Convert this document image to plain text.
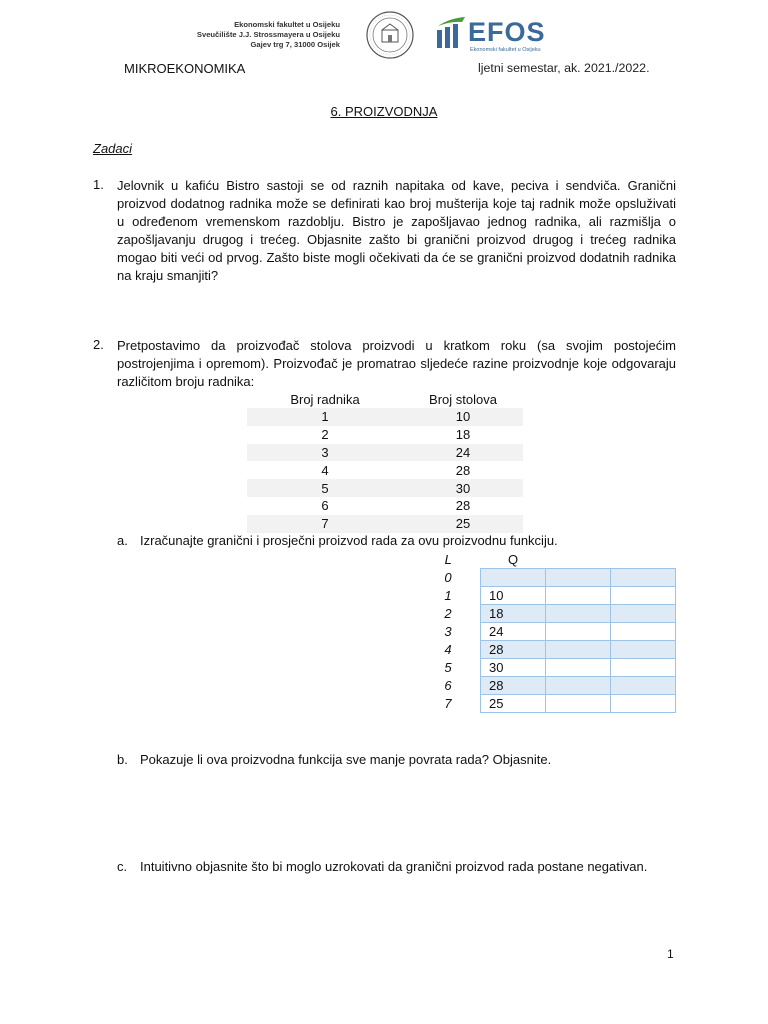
Ekonomski fakultet u Osijeku
Sveučilište J.J. Strossmayera u Osijeku
Gajev trg 7, 31000 Osijek	EFOS
Ekonomski fakultet u Osijeku
MIKROEKONOMIKA	ljetni semestar, ak. 2021./2022.
6. PROIZVODNJA
Zadaci
1. Jelovnik u kafiću Bistro sastoji se od raznih napitaka od kave, peciva i sendviča. Granični proizvod dodatnog radnika može se definirati kao broj mušterija koje taj radnik može opsluživati u određenom vremenskom razdoblju. Bistro je zapošljavao jednog radnika, ali razmišlja o zapošljavanju drugog i trećeg. Objasnite zašto bi granični proizvod drugog i trećeg radnika mogao biti veći od prvog. Zašto biste mogli očekivati da će se granični proizvod dodatnih radnika na kraju smanjiti?
2. Pretpostavimo da proizvođač stolova proizvodi u kratkom roku (sa svojim postojećim postrojenjima i opremom). Proizvođač je promatrao sljedeće razine proizvodnje koje odgovaraju različitom broju radnika:
Broj radnika	Broj stolova
1	10
2	18
3	24
4	28
5	30
6	28
7	25
a. Izračunajte granični i prosječni proizvod rada za ovu proizvodnu funkciju.
L	Q		
0			
1	10		
2	18		
3	24		
4	28		
5	30		
6	28		
7	25		
b. Pokazuje li ova proizvodna funkcija sve manje povrata rada? Objasnite.
c. Intuitivno objasnite što bi moglo uzrokovati da granični proizvod rada postane negativan.
1
